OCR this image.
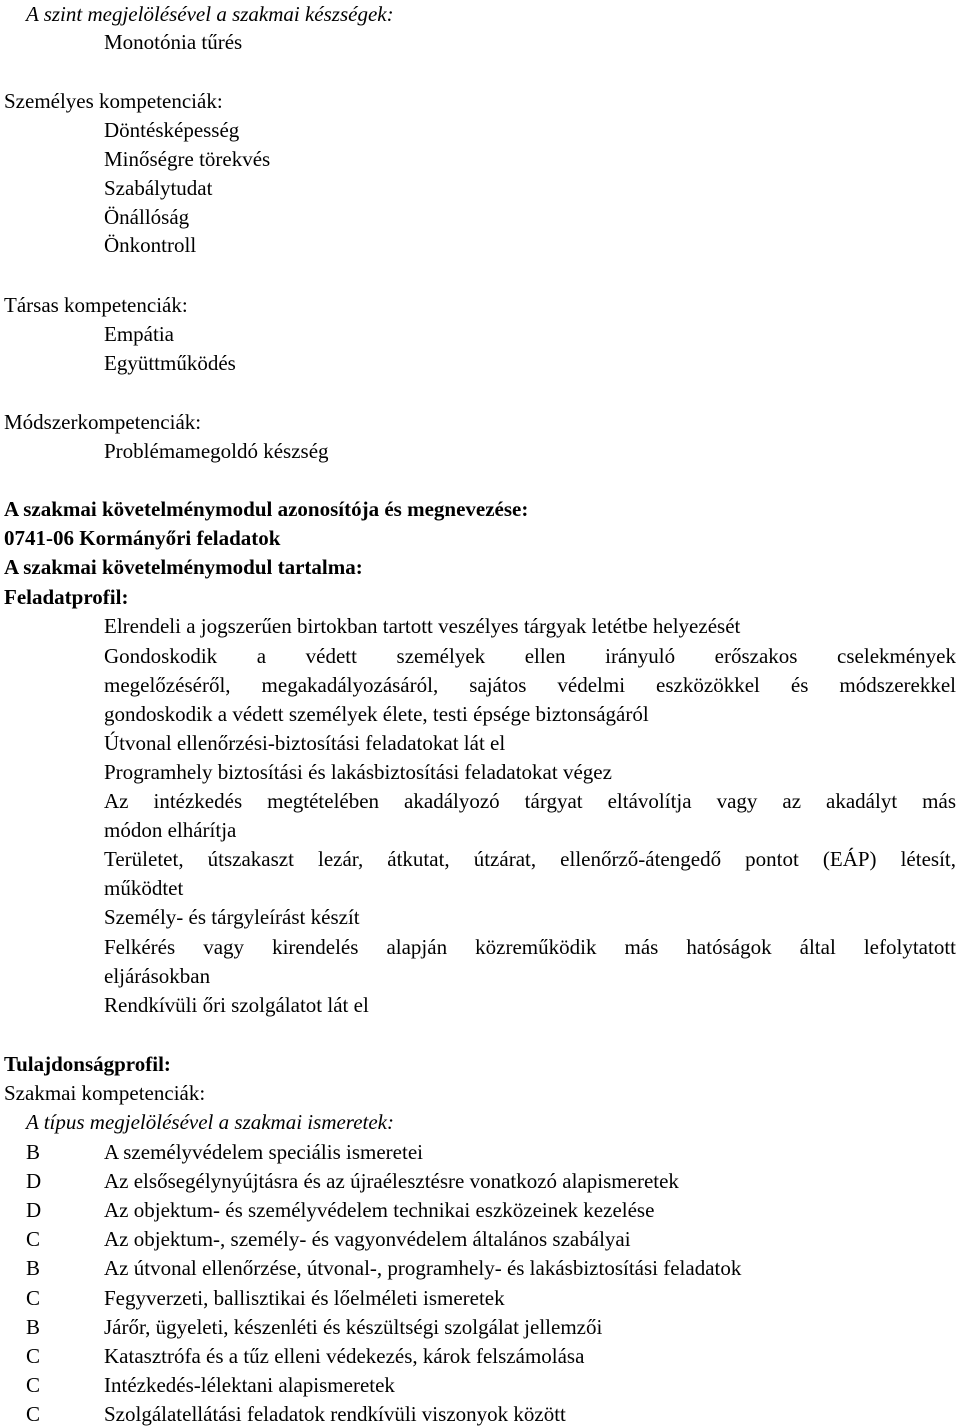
A szint megjelölésével a szakmai készségek:
Monotónia tűrés
Személyes kompetenciák:
Döntésképesség
Minőségre törekvés
Szabálytudat
Önállóság
Önkontroll
Társas kompetenciák:
Empátia
Együttműködés
Módszerkompetenciák:
Problémamegoldó készség
A szakmai követelménymodul azonosítója és megnevezése:
0741-06 Kormányőri feladatok
A szakmai követelménymodul tartalma:
Feladatprofil:
Elrendeli a jogszerűen birtokban tartott veszélyes tárgyak letétbe helyezését
Gondoskodik a védett személyek ellen irányuló erőszakos cselekmények
megelőzéséről, megakadályozásáról, sajátos védelmi eszközökkel és módszerekkel
gondoskodik a védett személyek élete, testi épsége biztonságáról
Útvonal ellenőrzési-biztosítási feladatokat lát el
Programhely biztosítási és lakásbiztosítási feladatokat végez
Az intézkedés megtételében akadályozó tárgyat eltávolítja vagy az akadályt más
módon elhárítja
Területet, útszakaszt lezár, átkutat, útzárat, ellenőrző-átengedő pontot (EÁP) létesít,
működtet
Személy- és tárgyleírást készít
Felkérés vagy kirendelés alapján közreműködik más hatóságok által lefolytatott
eljárásokban
Rendkívüli őri szolgálatot lát el
Tulajdonságprofil:
Szakmai kompetenciák:
A típus megjelölésével a szakmai ismeretek:
B	A személyvédelem speciális ismeretei
D	Az elsősegélynyújtásra és az újraélesztésre vonatkozó alapismeretek
D	Az objektum- és személyvédelem technikai eszközeinek kezelése
C	Az objektum-, személy- és vagyonvédelem általános szabályai
B	Az útvonal ellenőrzése, útvonal-, programhely- és lakásbiztosítási feladatok
C	Fegyverzeti, ballisztikai és lőelméleti ismeretek
B	Járőr, ügyeleti, készenléti és készültségi szolgálat jellemzői
C	Katasztrófa és a tűz elleni védekezés, károk felszámolása
C	Intézkedés-lélektani alapismeretek
C	Szolgálatellátási feladatok rendkívüli viszonyok között
